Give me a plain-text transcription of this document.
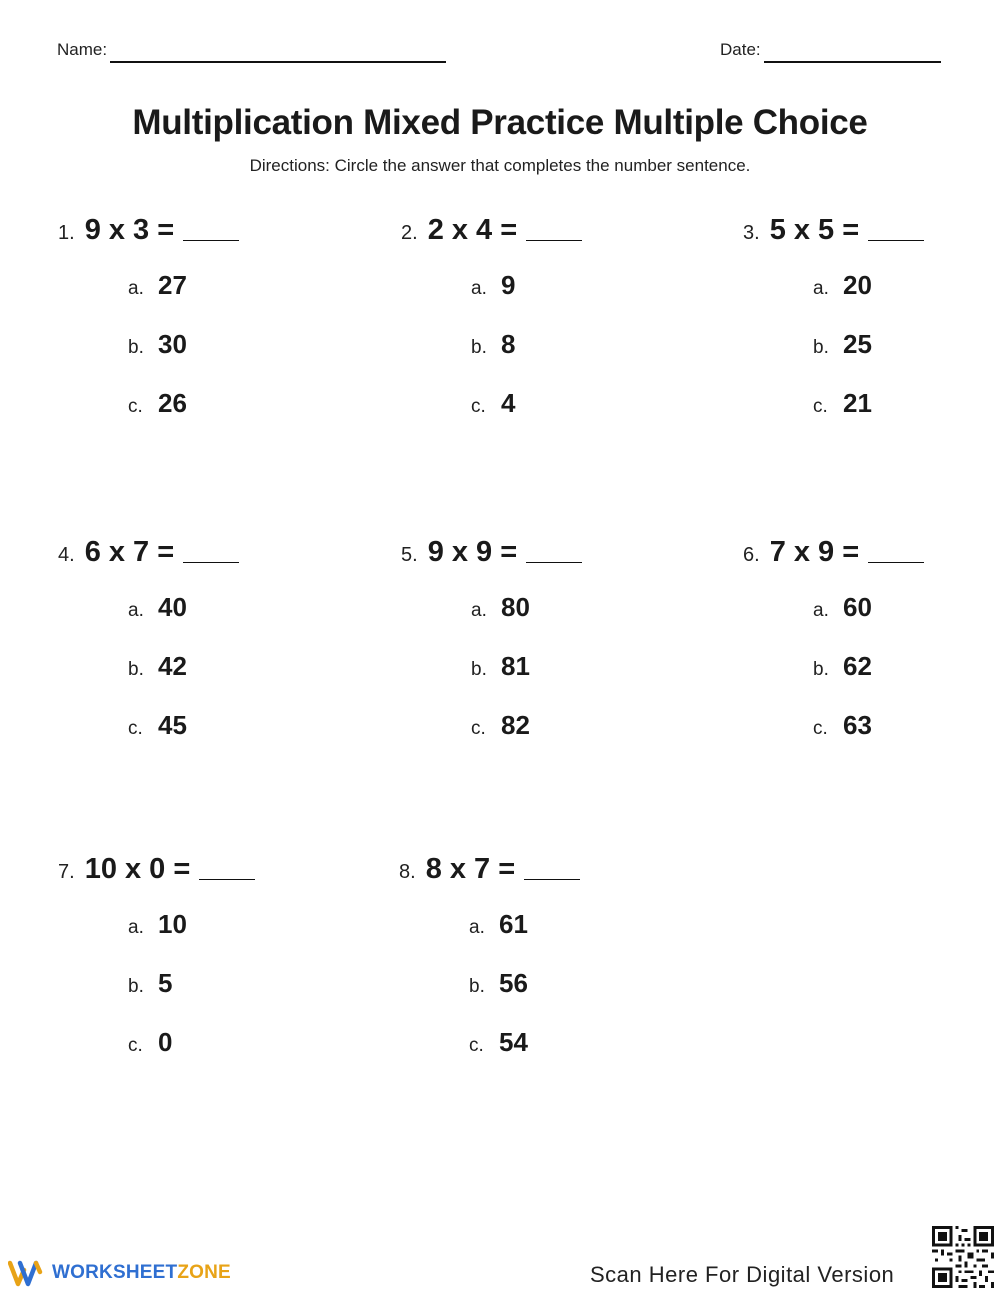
Name:	Date:
Multiplication Mixed Practice Multiple Choice
Directions: Circle the answer that completes the number sentence.
1. 9 x 3 =
a. 27
b. 30
c. 26
2. 2 x 4 =
a. 9
b. 8
c. 4
3. 5 x 5 =
a. 20
b. 25
c. 21
4. 6 x 7 =
a. 40
b. 42
c. 45
5. 9 x 9 =
a. 80
b. 81
c. 82
6. 7 x 9 =
a. 60
b. 62
c. 63
7. 10 x 0 =
a. 10
b. 5
c. 0
8. 8 x 7 =
a. 61
b. 56
c. 54
WORKSHEETZONE	Scan Here For Digital Version
